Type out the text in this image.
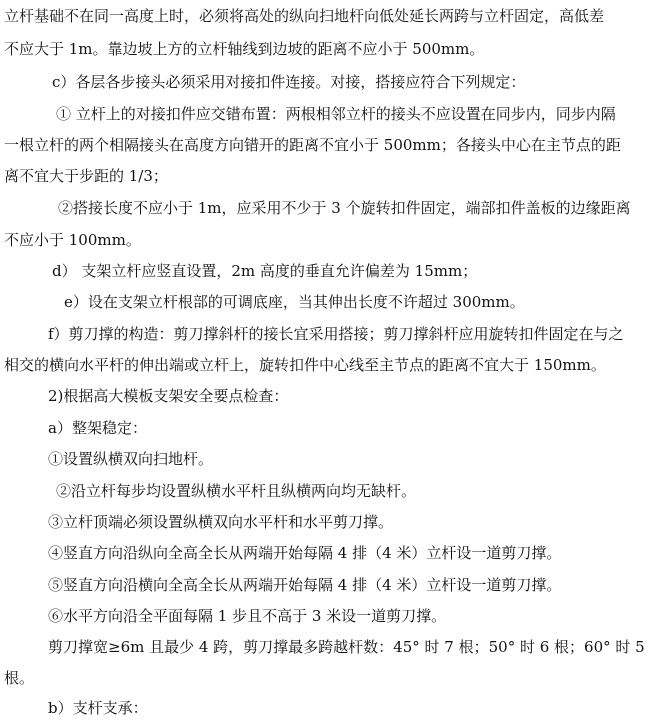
立杆基础不在同一高度上时，必须将高处的纵向扫地杆向低处延长两跨与立杆固定，高低差
不应大于 1m。靠边坡上方的立杆轴线到边坡的距离不应小于 500mm。
c）各层各步接头必须采用对接扣件连接。对接，搭接应符合下列规定：
① 立杆上的对接扣件应交错布置：两根相邻立杆的接头不应设置在同步内，同步内隔
一根立杆的两个相隔接头在高度方向错开的距离不宜小于 500mm；各接头中心在主节点的距
离不宜大于步距的 1/3；
②搭接长度不应小于 1m，应采用不少于 3 个旋转扣件固定，端部扣件盖板的边缘距离
不应小于 100mm。
d） 支架立杆应竖直设置，2m 高度的垂直允许偏差为 15mm；
e）设在支架立杆根部的可调底座，当其伸出长度不许超过 300mm。
f）剪刀撑的构造：剪刀撑斜杆的接长宜采用搭接；剪刀撑斜杆应用旋转扣件固定在与之
相交的横向水平杆的伸出端或立杆上，旋转扣件中心线至主节点的距离不宜大于 150mm。
2)根据高大模板支架安全要点检查：
a）整架稳定：
①设置纵横双向扫地杆。
②沿立杆每步均设置纵横水平杆且纵横两向均无缺杆。
③立杆顶端必须设置纵横双向水平杆和水平剪刀撑。
④竖直方向沿纵向全高全长从两端开始每隔 4 排（4 米）立杆设一道剪刀撑。
⑤竖直方向沿横向全高全长从两端开始每隔 4 排（4 米）立杆设一道剪刀撑。
⑥水平方向沿全平面每隔 1 步且不高于 3 米设一道剪刀撑。
剪刀撑宽≥6m 且最少 4 跨，剪刀撑最多跨越杆数：45° 时 7 根；50° 时 6 根；60° 时 5
根。
b）支杆支承：
